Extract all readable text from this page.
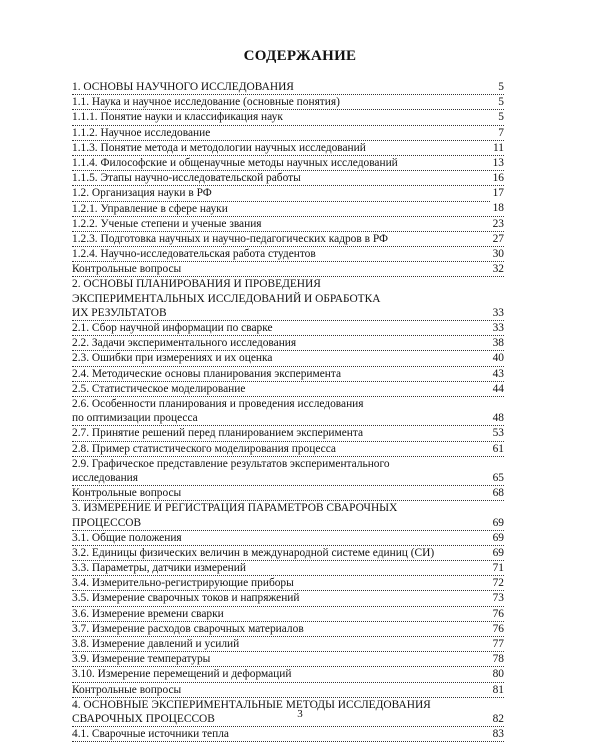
СОДЕРЖАНИЕ
1. ОСНОВЫ НАУЧНОГО ИССЛЕДОВАНИЯ	5
1.1. Наука и научное исследование (основные понятия)	5
1.1.1. Понятие науки и классификация наук	5
1.1.2. Научное исследование	7
1.1.3. Понятие метода и методологии научных исследований	11
1.1.4. Философские и общенаучные методы научных исследований	13
1.1.5. Этапы научно-исследовательской работы	16
1.2. Организация науки в РФ	17
1.2.1. Управление в сфере науки	18
1.2.2. Ученые степени и ученые звания	23
1.2.3. Подготовка научных и научно-педагогических кадров в РФ	27
1.2.4. Научно-исследовательская работа студентов	30
Контрольные вопросы	32
2. ОСНОВЫ ПЛАНИРОВАНИЯ И ПРОВЕДЕНИЯ
ЭКСПЕРИМЕНТАЛЬНЫХ ИССЛЕДОВАНИЙ И ОБРАБОТКА
ИХ РЕЗУЛЬТАТОВ	33
2.1. Сбор научной информации по сварке	33
2.2. Задачи экспериментального исследования	38
2.3. Ошибки при измерениях и их оценка	40
2.4. Методические основы планирования эксперимента	43
2.5. Статистическое моделирование	44
2.6. Особенности планирования и проведения исследования
по оптимизации процесса	48
2.7. Принятие решений перед планированием эксперимента	53
2.8. Пример статистического моделирования процесса	61
2.9. Графическое представление результатов экспериментального
исследования	65
Контрольные вопросы	68
3. ИЗМЕРЕНИЕ И РЕГИСТРАЦИЯ ПАРАМЕТРОВ СВАРОЧНЫХ
ПРОЦЕССОВ	69
3.1. Общие положения	69
3.2. Единицы физических величин в международной системе единиц (СИ)	69
3.3. Параметры, датчики измерений	71
3.4. Измерительно-регистрирующие приборы	72
3.5. Измерение сварочных токов и напряжений	73
3.6. Измерение времени сварки	76
3.7. Измерение расходов сварочных материалов	76
3.8. Измерение давлений и усилий	77
3.9. Измерение температуры	78
3.10. Измерение перемещений и деформаций	80
Контрольные вопросы	81
4. ОСНОВНЫЕ ЭКСПЕРИМЕНТАЛЬНЫЕ МЕТОДЫ ИССЛЕДОВАНИЯ
СВАРОЧНЫХ ПРОЦЕССОВ	82
4.1. Сварочные источники тепла	83
3
